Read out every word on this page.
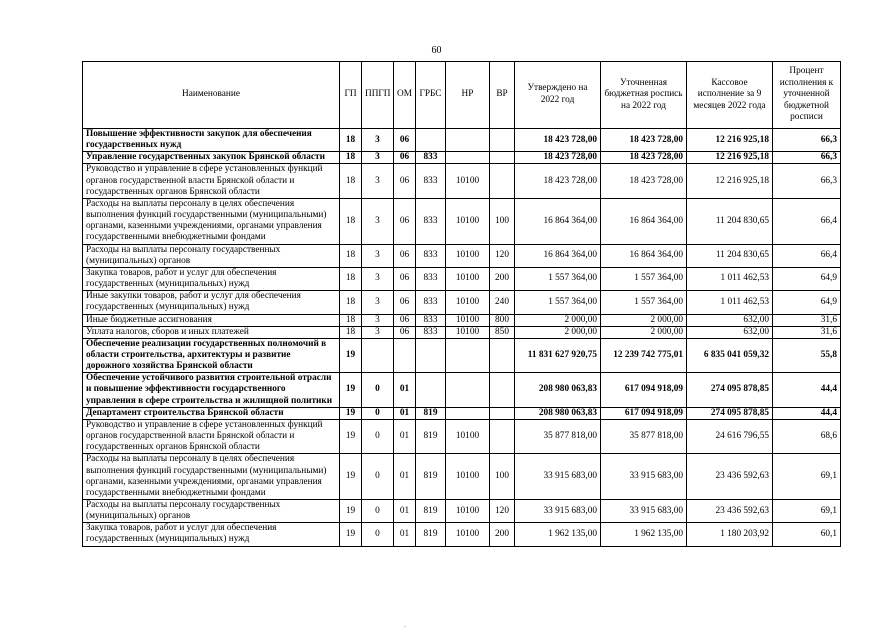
60
Наименование	ГП	ППГП	ОМ	ГРБС	НР	ВР	Утверждено на 2022 год	Уточненная бюджетная роспись на 2022 год	Кассовое исполнение за 9 месяцев 2022 года	Процент исполнения к уточненной бюджетной росписи
Повышение эффективности закупок для обеспечения государственных нужд	18	3	06				18 423 728,00	18 423 728,00	12 216 925,18	66,3
Управление государственных закупок Брянской области	18	3	06	833			18 423 728,00	18 423 728,00	12 216 925,18	66,3
Руководство и управление в сфере установленных функций органов государственной власти Брянской области и государственных органов Брянской области	18	3	06	833	10100		18 423 728,00	18 423 728,00	12 216 925,18	66,3
Расходы на выплаты персоналу в целях обеспечения выполнения функций государственными (муниципальными) органами, казенными учреждениями, органами управления государственными внебюджетными фондами	18	3	06	833	10100	100	16 864 364,00	16 864 364,00	11 204 830,65	66,4
Расходы на выплаты персоналу государственных (муниципальных) органов	18	3	06	833	10100	120	16 864 364,00	16 864 364,00	11 204 830,65	66,4
Закупка товаров, работ и услуг для обеспечения государственных (муниципальных) нужд	18	3	06	833	10100	200	1 557 364,00	1 557 364,00	1 011 462,53	64,9
Иные закупки товаров, работ и услуг для обеспечения государственных (муниципальных) нужд	18	3	06	833	10100	240	1 557 364,00	1 557 364,00	1 011 462,53	64,9
Иные бюджетные ассигнования	18	3	06	833	10100	800	2 000,00	2 000,00	632,00	31,6
Уплата налогов, сборов и иных платежей	18	3	06	833	10100	850	2 000,00	2 000,00	632,00	31,6
Обеспечение реализации государственных полномочий в области строительства, архитектуры и развитие дорожного хозяйства Брянской области	19						11 831 627 920,75	12 239 742 775,01	6 835 041 059,32	55,8
Обеспечение устойчивого развития строительной отрасли и повышение эффективности государственного управления в сфере строительства и жилищной политики	19	0	01				208 980 063,83	617 094 918,09	274 095 878,85	44,4
Департамент строительства Брянской области	19	0	01	819			208 980 063,83	617 094 918,09	274 095 878,85	44,4
Руководство и управление в сфере установленных функций органов государственной власти Брянской области и государственных органов Брянской области	19	0	01	819	10100		35 877 818,00	35 877 818,00	24 616 796,55	68,6
Расходы на выплаты персоналу в целях обеспечения выполнения функций государственными (муниципальными) органами, казенными учреждениями, органами управления государственными внебюджетными фондами	19	0	01	819	10100	100	33 915 683,00	33 915 683,00	23 436 592,63	69,1
Расходы на выплаты персоналу государственных (муниципальных) органов	19	0	01	819	10100	120	33 915 683,00	33 915 683,00	23 436 592,63	69,1
Закупка товаров, работ и услуг для обеспечения государственных (муниципальных) нужд	19	0	01	819	10100	200	1 962 135,00	1 962 135,00	1 180 203,92	60,1
